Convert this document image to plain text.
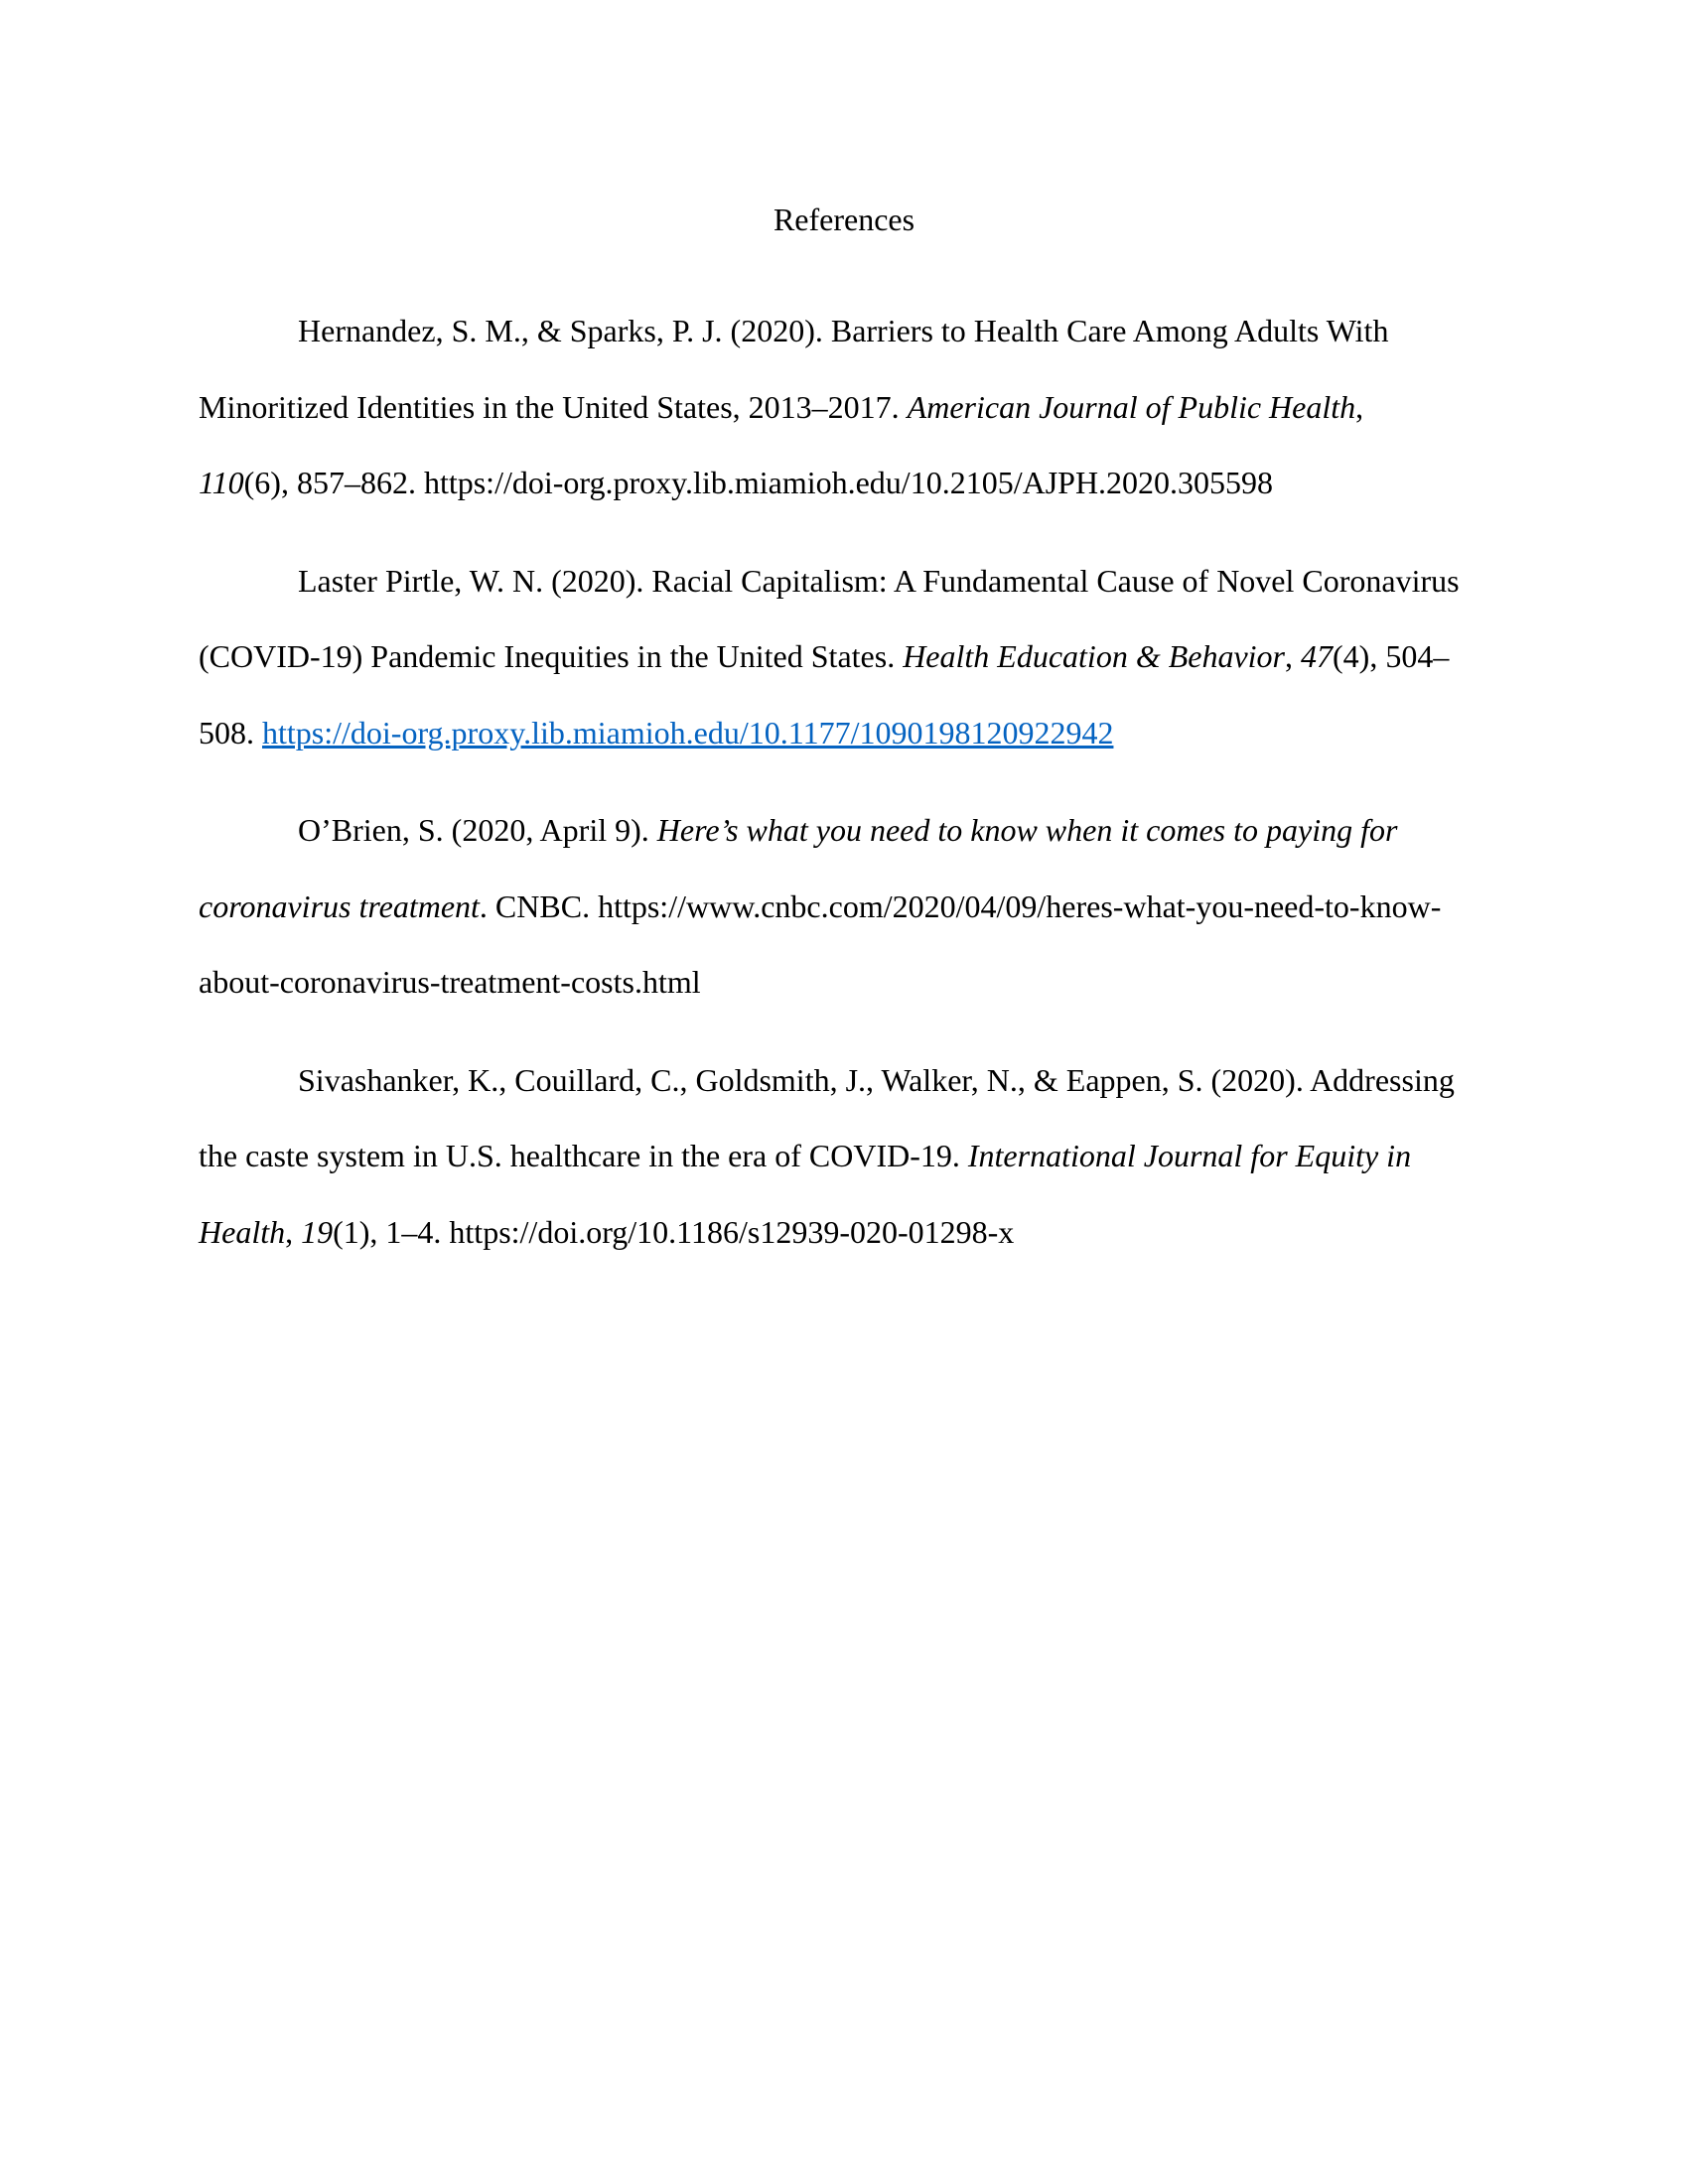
References

Hernandez, S. M., & Sparks, P. J. (2020). Barriers to Health Care Among Adults With Minoritized Identities in the United States, 2013–2017. American Journal of Public Health, 110(6), 857–862. https://doi-org.proxy.lib.miamioh.edu/10.2105/AJPH.2020.305598

Laster Pirtle, W. N. (2020). Racial Capitalism: A Fundamental Cause of Novel Coronavirus (COVID-19) Pandemic Inequities in the United States. Health Education & Behavior, 47(4), 504–508. https://doi-org.proxy.lib.miamioh.edu/10.1177/1090198120922942

O’Brien, S. (2020, April 9). Here’s what you need to know when it comes to paying for coronavirus treatment. CNBC. https://www.cnbc.com/2020/04/09/heres-what-you-need-to-know-about-coronavirus-treatment-costs.html

Sivashanker, K., Couillard, C., Goldsmith, J., Walker, N., & Eappen, S. (2020). Addressing the caste system in U.S. healthcare in the era of COVID-19. International Journal for Equity in Health, 19(1), 1–4. https://doi.org/10.1186/s12939-020-01298-x
